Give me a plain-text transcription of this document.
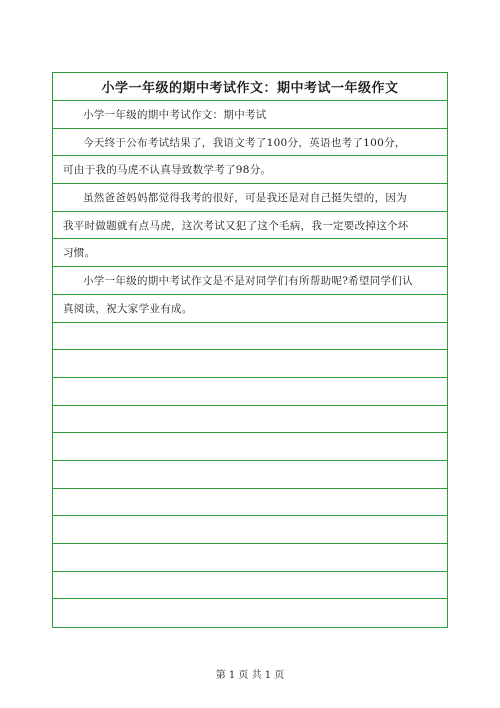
小学一年级的期中考试作文：期中考试一年级作文
小学一年级的期中考试作文：期中考试
今天终于公布考试结果了，我语文考了100分，英语也考了100分，
可由于我的马虎不认真导致数学考了98分。
虽然爸爸妈妈都觉得我考的很好，可是我还是对自己挺失望的，因为
我平时做题就有点马虎，这次考试又犯了这个毛病，我一定要改掉这个坏
习惯。
小学一年级的期中考试作文是不是对同学们有所帮助呢?希望同学们认
真阅读，祝大家学业有成。
第 1 页 共 1 页
